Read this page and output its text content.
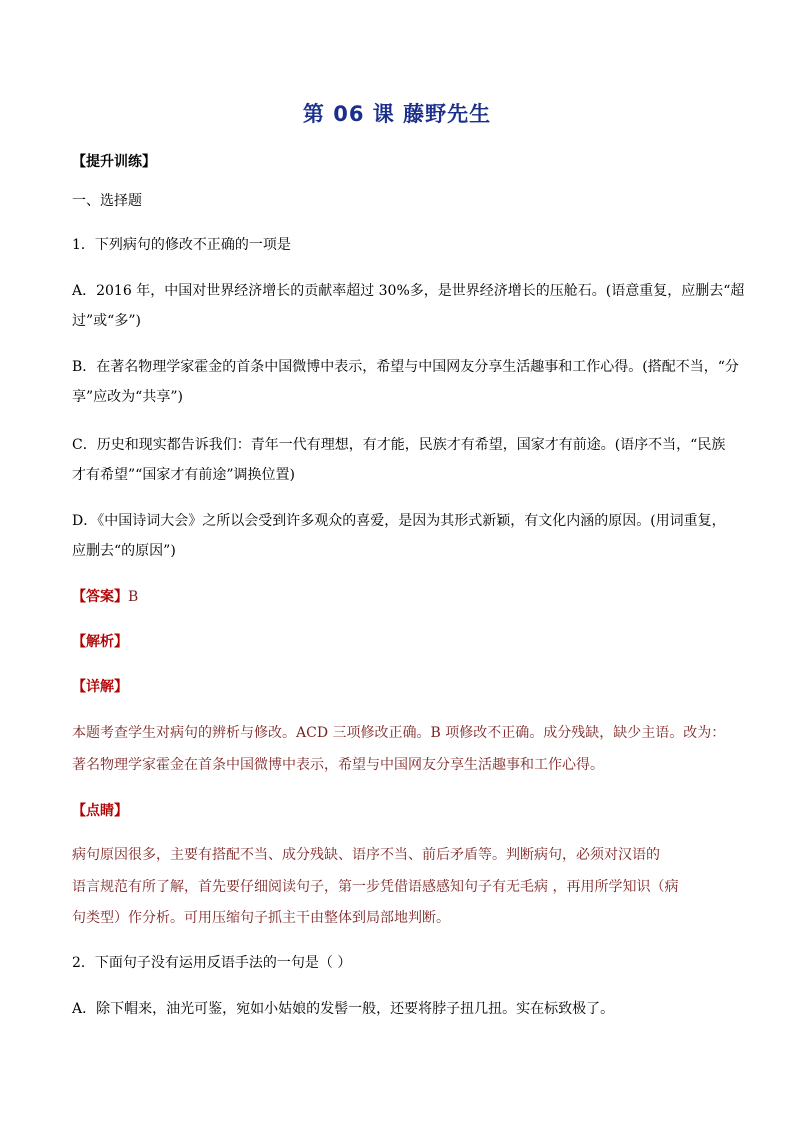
第 06 课 藤野先生
【提升训练】
一、选择题
1．下列病句的修改不正确的一项是
A．2016 年，中国对世界经济增长的贡献率超过 30%多，是世界经济增长的压舱石。(语意重复，应删去“超
过”或“多”)
B．在著名物理学家霍金的首条中国微博中表示，希望与中国网友分享生活趣事和工作心得。(搭配不当，“分
享”应改为“共享”)
C．历史和现实都告诉我们：青年一代有理想，有才能，民族才有希望，国家才有前途。(语序不当，“民族
才有希望”“国家才有前途”调换位置)
D．《中国诗词大会》之所以会受到许多观众的喜爱，是因为其形式新颖，有文化内涵的原因。(用词重复，
应删去“的原因”)
【答案】B
【解析】
【详解】
本题考查学生对病句的辨析与修改。ACD 三项修改正确。B 项修改不正确。成分残缺，缺少主语。改为：
著名物理学家霍金在首条中国微博中表示，希望与中国网友分享生活趣事和工作心得。
【点睛】
病句原因很多，主要有搭配不当、成分残缺、语序不当、前后矛盾等。判断病句，必须对汉语的
语言规范有所了解，首先要仔细阅读句子，第一步凭借语感感知句子有无毛病 ，再用所学知识（病
句类型）作分析。可用压缩句子抓主干由整体到局部地判断。
2．下面句子没有运用反语手法的一句是（ ）
A．除下帽来，油光可鉴，宛如小姑娘的发髻一般，还要将脖子扭几扭。实在标致极了。
